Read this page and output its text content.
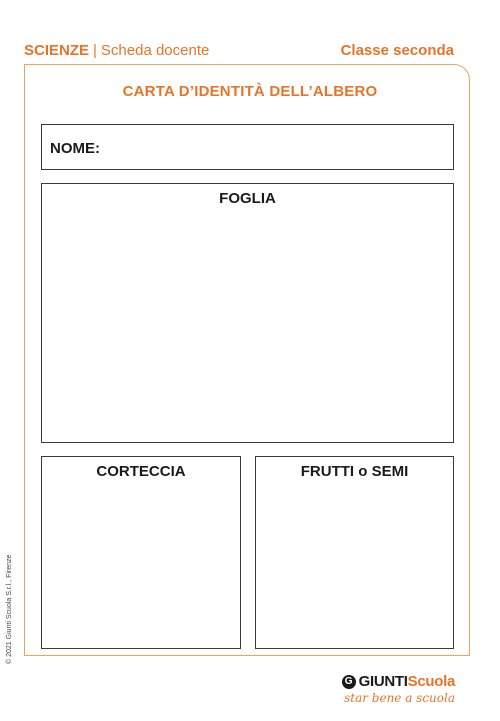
SCIENZE | Scheda docente	Classe seconda
CARTA D’IDENTITÀ DELL’ALBERO
NOME:
FOGLIA
CORTECCIA	FRUTTI o SEMI
© 2021 Giunti Scuola S.r.l., Firenze
G GIUNTI Scuola
star bene a scuola
